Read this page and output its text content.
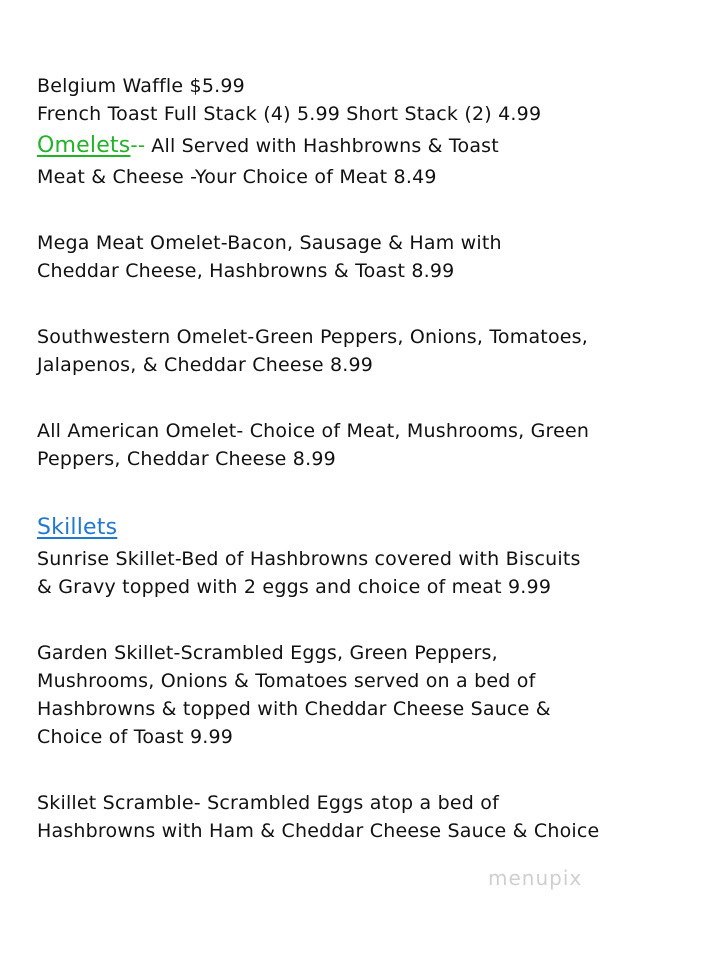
Belgium Waffle $5.99
French Toast Full Stack (4) 5.99 Short Stack (2) 4.99
Omelets-- All Served with Hashbrowns & Toast
Meat & Cheese -Your Choice of Meat 8.49
Mega Meat Omelet-Bacon, Sausage & Ham with
Cheddar Cheese, Hashbrowns & Toast 8.99
Southwestern Omelet-Green Peppers, Onions, Tomatoes,
Jalapenos, & Cheddar Cheese 8.99
All American Omelet- Choice of Meat, Mushrooms, Green
Peppers, Cheddar Cheese 8.99
Skillets
Sunrise Skillet-Bed of Hashbrowns covered with Biscuits
& Gravy topped with 2 eggs and choice of meat 9.99
Garden Skillet-Scrambled Eggs, Green Peppers,
Mushrooms, Onions & Tomatoes served on a bed of
Hashbrowns & topped with Cheddar Cheese Sauce &
Choice of Toast 9.99
Skillet Scramble- Scrambled Eggs atop a bed of
Hashbrowns with Ham & Cheddar Cheese Sauce & Choice
menupix
